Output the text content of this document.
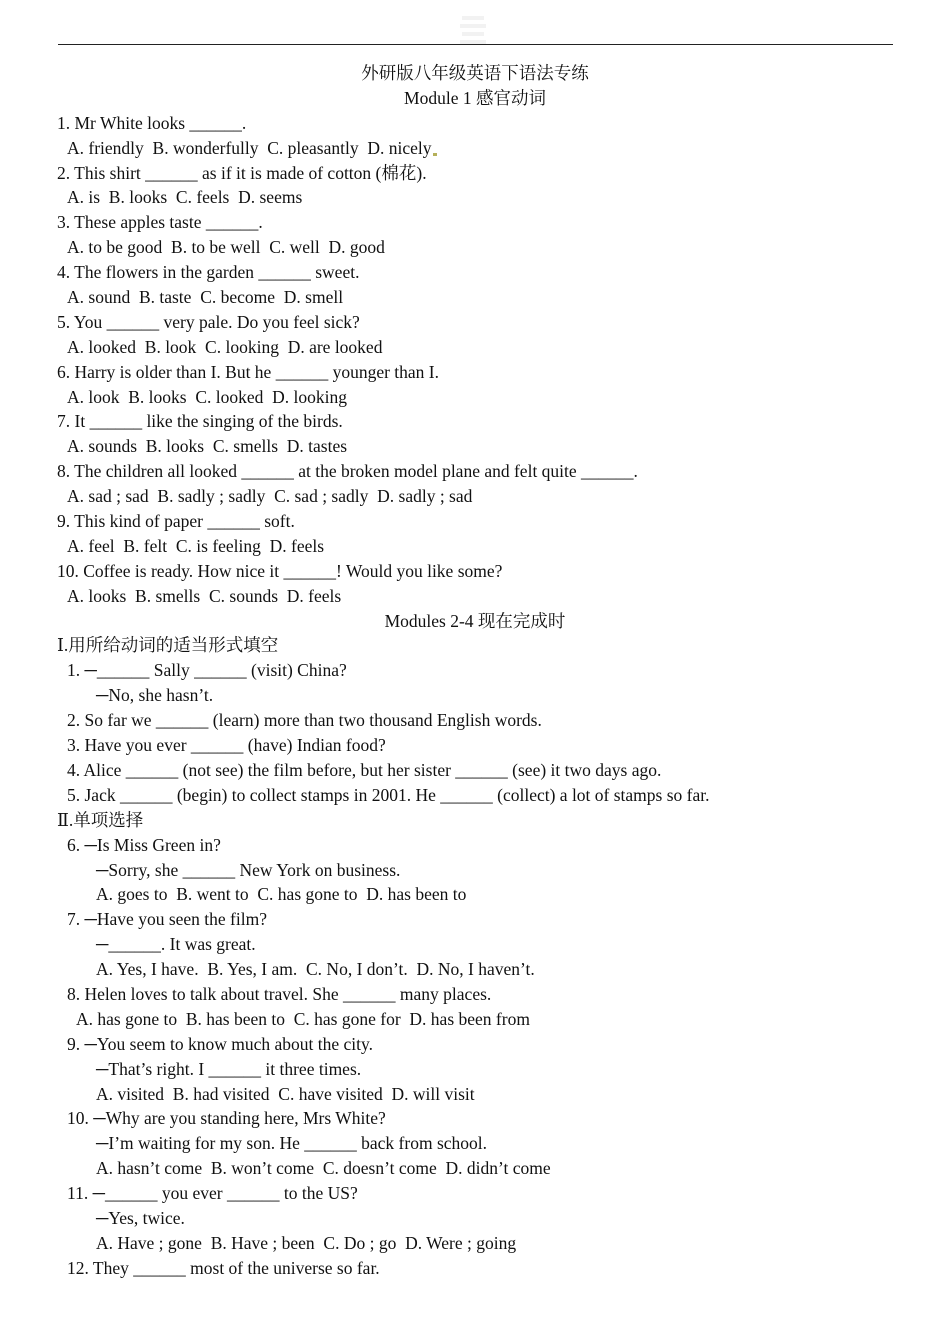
外研版八年级英语下语法专练
Module 1 感官动词
1. Mr White looks ______.
A. friendly  B. wonderfully  C. pleasantly  D. nicely
2. This shirt ______ as if it is made of cotton (棉花).
A. is  B. looks  C. feels  D. seems
3. These apples taste ______.
A. to be good  B. to be well  C. well  D. good
4. The flowers in the garden ______ sweet.
A. sound  B. taste  C. become  D. smell
5. You ______ very pale. Do you feel sick?
A. looked  B. look  C. looking  D. are looked
6. Harry is older than I. But he ______ younger than I.
A. look  B. looks  C. looked  D. looking
7. It ______ like the singing of the birds.
A. sounds  B. looks  C. smells  D. tastes
8. The children all looked ______ at the broken model plane and felt quite ______.
A. sad ; sad  B. sadly ; sadly  C. sad ; sadly  D. sadly ; sad
9. This kind of paper ______ soft.
A. feel  B. felt  C. is feeling  D. feels
10. Coffee is ready. How nice it ______! Would you like some?
A. looks  B. smells  C. sounds  D. feels
Modules 2-4 现在完成时
Ⅰ.用所给动词的适当形式填空
1. ─______ Sally ______ (visit) China?
─No, she hasn’t.
2. So far we ______ (learn) more than two thousand English words.
3. Have you ever ______ (have) Indian food?
4. Alice ______ (not see) the film before, but her sister ______ (see) it two days ago.
5. Jack ______ (begin) to collect stamps in 2001. He ______ (collect) a lot of stamps so far.
Ⅱ.单项选择
6. ─Is Miss Green in?
─Sorry, she ______ New York on business.
A. goes to  B. went to  C. has gone to  D. has been to
7. ─Have you seen the film?
─______. It was great.
A. Yes, I have.  B. Yes, I am.  C. No, I don’t.  D. No, I haven’t.
8. Helen loves to talk about travel. She ______ many places.
A. has gone to  B. has been to  C. has gone for  D. has been from
9. ─You seem to know much about the city.
─That’s right. I ______ it three times.
A. visited  B. had visited  C. have visited  D. will visit
10. ─Why are you standing here, Mrs White?
─I’m waiting for my son. He ______ back from school.
A. hasn’t come  B. won’t come  C. doesn’t come  D. didn’t come
11. ─______ you ever ______ to the US?
─Yes, twice.
A. Have ; gone  B. Have ; been  C. Do ; go  D. Were ; going
12. They ______ most of the universe so far.
